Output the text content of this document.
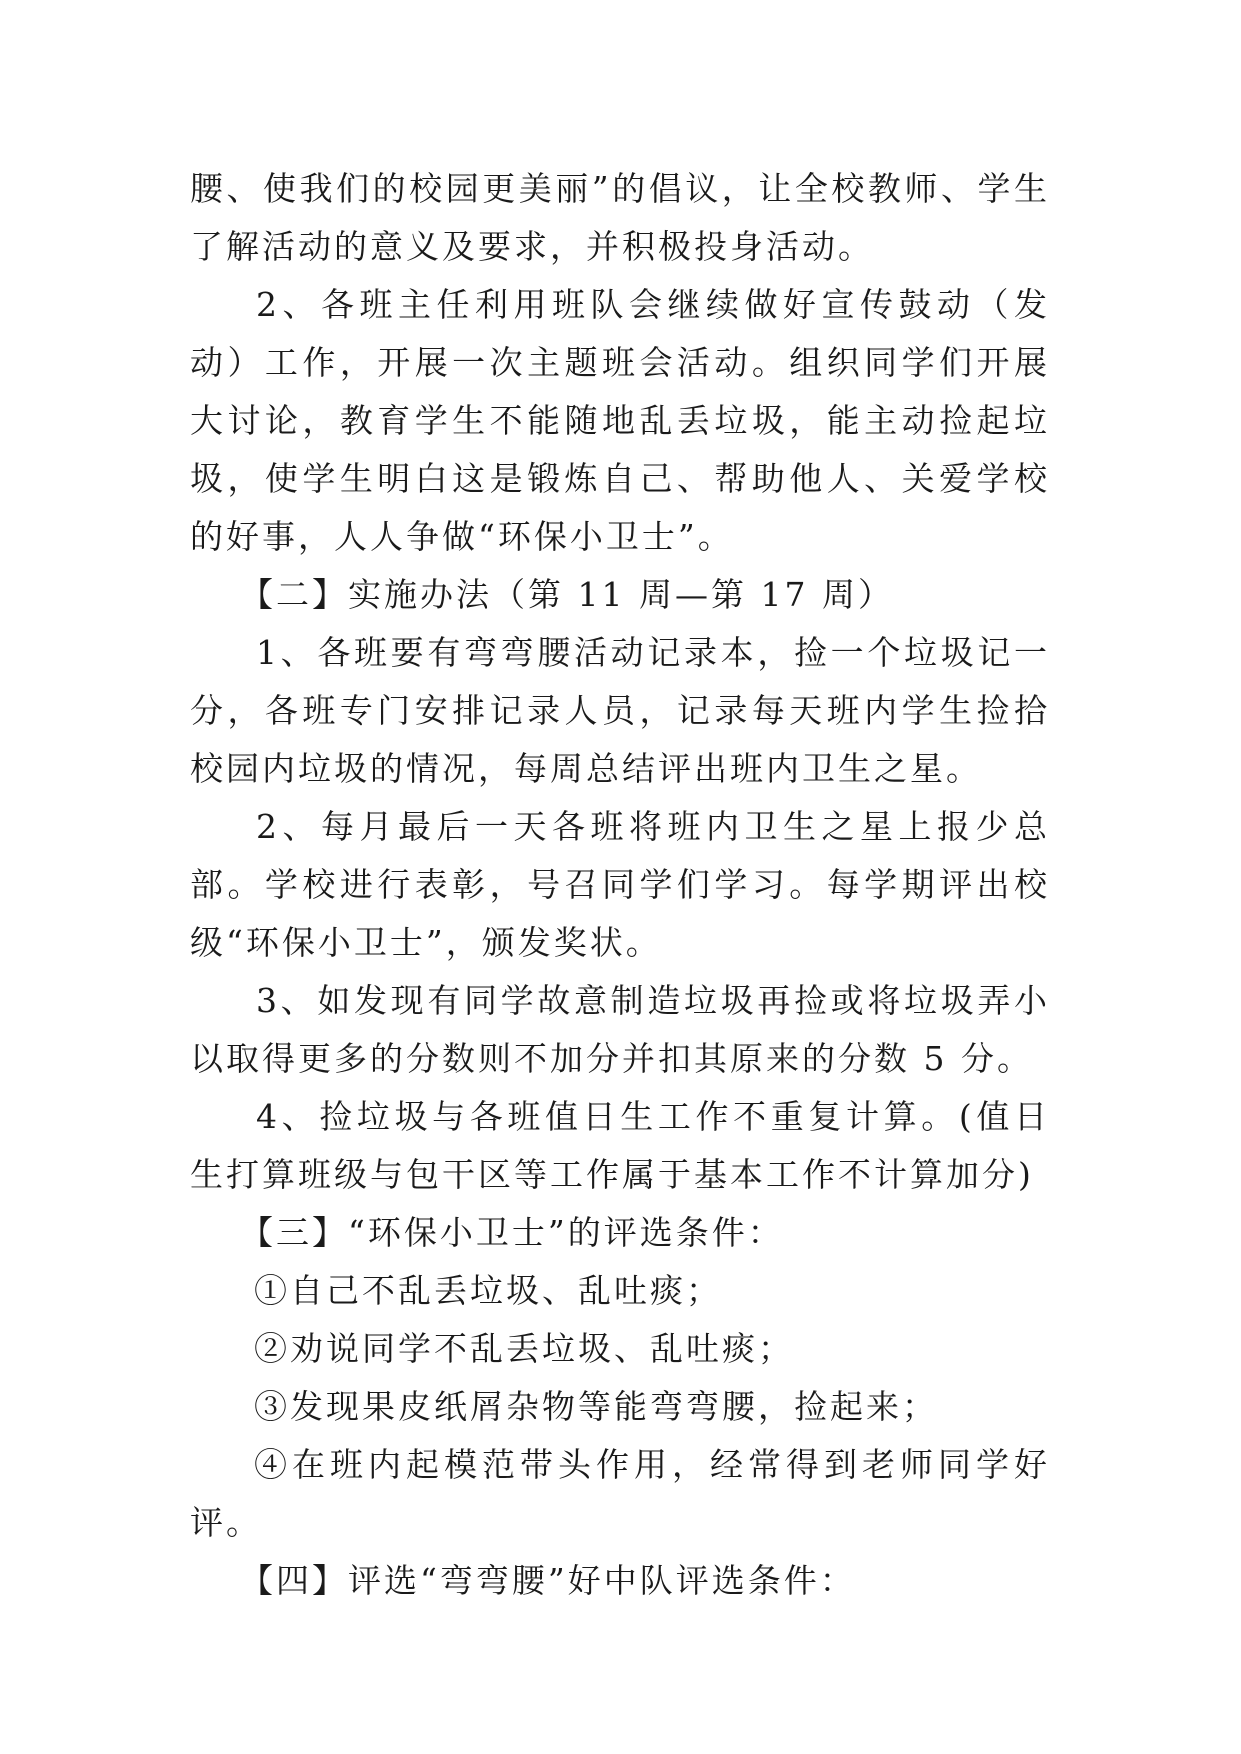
腰、使我们的校园更美丽”的倡议，让全校教师、学生了解活动的意义及要求，并积极投身活动。

2、各班主任利用班队会继续做好宣传鼓动（发动）工作，开展一次主题班会活动。组织同学们开展大讨论，教育学生不能随地乱丢垃圾，能主动捡起垃圾，使学生明白这是锻炼自己、帮助他人、关爱学校的好事，人人争做“环保小卫士”。

【二】实施办法（第 11 周—第 17 周）

1、各班要有弯弯腰活动记录本，捡一个垃圾记一分，各班专门安排记录人员，记录每天班内学生捡拾校园内垃圾的情况，每周总结评出班内卫生之星。

2、每月最后一天各班将班内卫生之星上报少总部。学校进行表彰，号召同学们学习。每学期评出校级“环保小卫士”，颁发奖状。

3、如发现有同学故意制造垃圾再捡或将垃圾弄小以取得更多的分数则不加分并扣其原来的分数 5 分。

4、捡垃圾与各班值日生工作不重复计算。(值日生打算班级与包干区等工作属于基本工作不计算加分)

【三】“环保小卫士”的评选条件：

①自己不乱丢垃圾、乱吐痰；

②劝说同学不乱丢垃圾、乱吐痰；

③发现果皮纸屑杂物等能弯弯腰，捡起来；

④在班内起模范带头作用，经常得到老师同学好评。

【四】评选“弯弯腰”好中队评选条件：
